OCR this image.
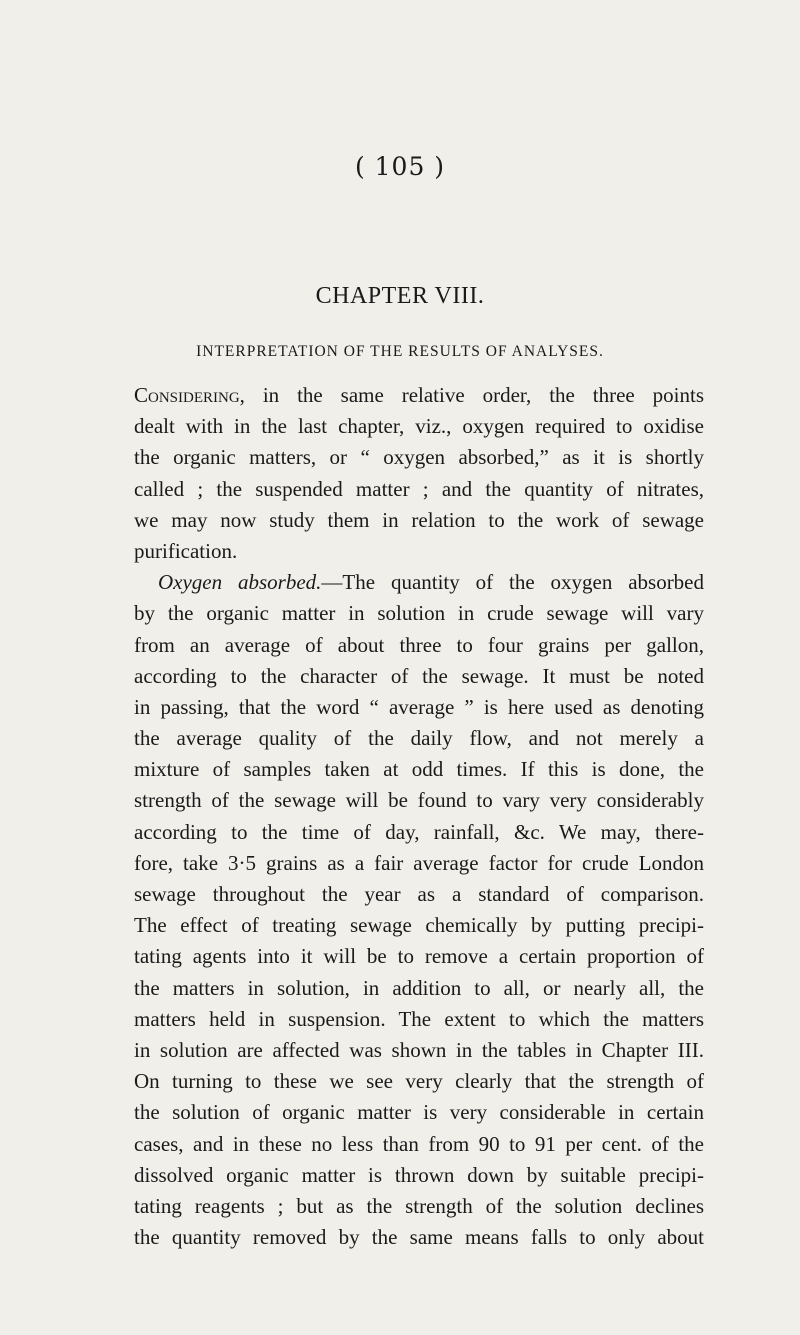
( 105 )
CHAPTER VIII.
INTERPRETATION OF THE RESULTS OF ANALYSES.
Considering, in the same relative order, the three points
dealt with in the last chapter, viz., oxygen required to oxidise
the organic matters, or “ oxygen absorbed,” as it is shortly
called ; the suspended matter ; and the quantity of nitrates,
we may now study them in relation to the work of sewage
purification.
Oxygen absorbed.—The quantity of the oxygen absorbed
by the organic matter in solution in crude sewage will vary
from an average of about three to four grains per gallon,
according to the character of the sewage. It must be noted
in passing, that the word “ average ” is here used as denoting
the average quality of the daily flow, and not merely a
mixture of samples taken at odd times. If this is done, the
strength of the sewage will be found to vary very considerably
according to the time of day, rainfall, &c. We may, there-
fore, take 3·5 grains as a fair average factor for crude London
sewage throughout the year as a standard of comparison.
The effect of treating sewage chemically by putting precipi-
tating agents into it will be to remove a certain proportion of
the matters in solution, in addition to all, or nearly all, the
matters held in suspension. The extent to which the matters
in solution are affected was shown in the tables in Chapter III.
On turning to these we see very clearly that the strength of
the solution of organic matter is very considerable in certain
cases, and in these no less than from 90 to 91 per cent. of the
dissolved organic matter is thrown down by suitable precipi-
tating reagents ; but as the strength of the solution declines
the quantity removed by the same means falls to only about
